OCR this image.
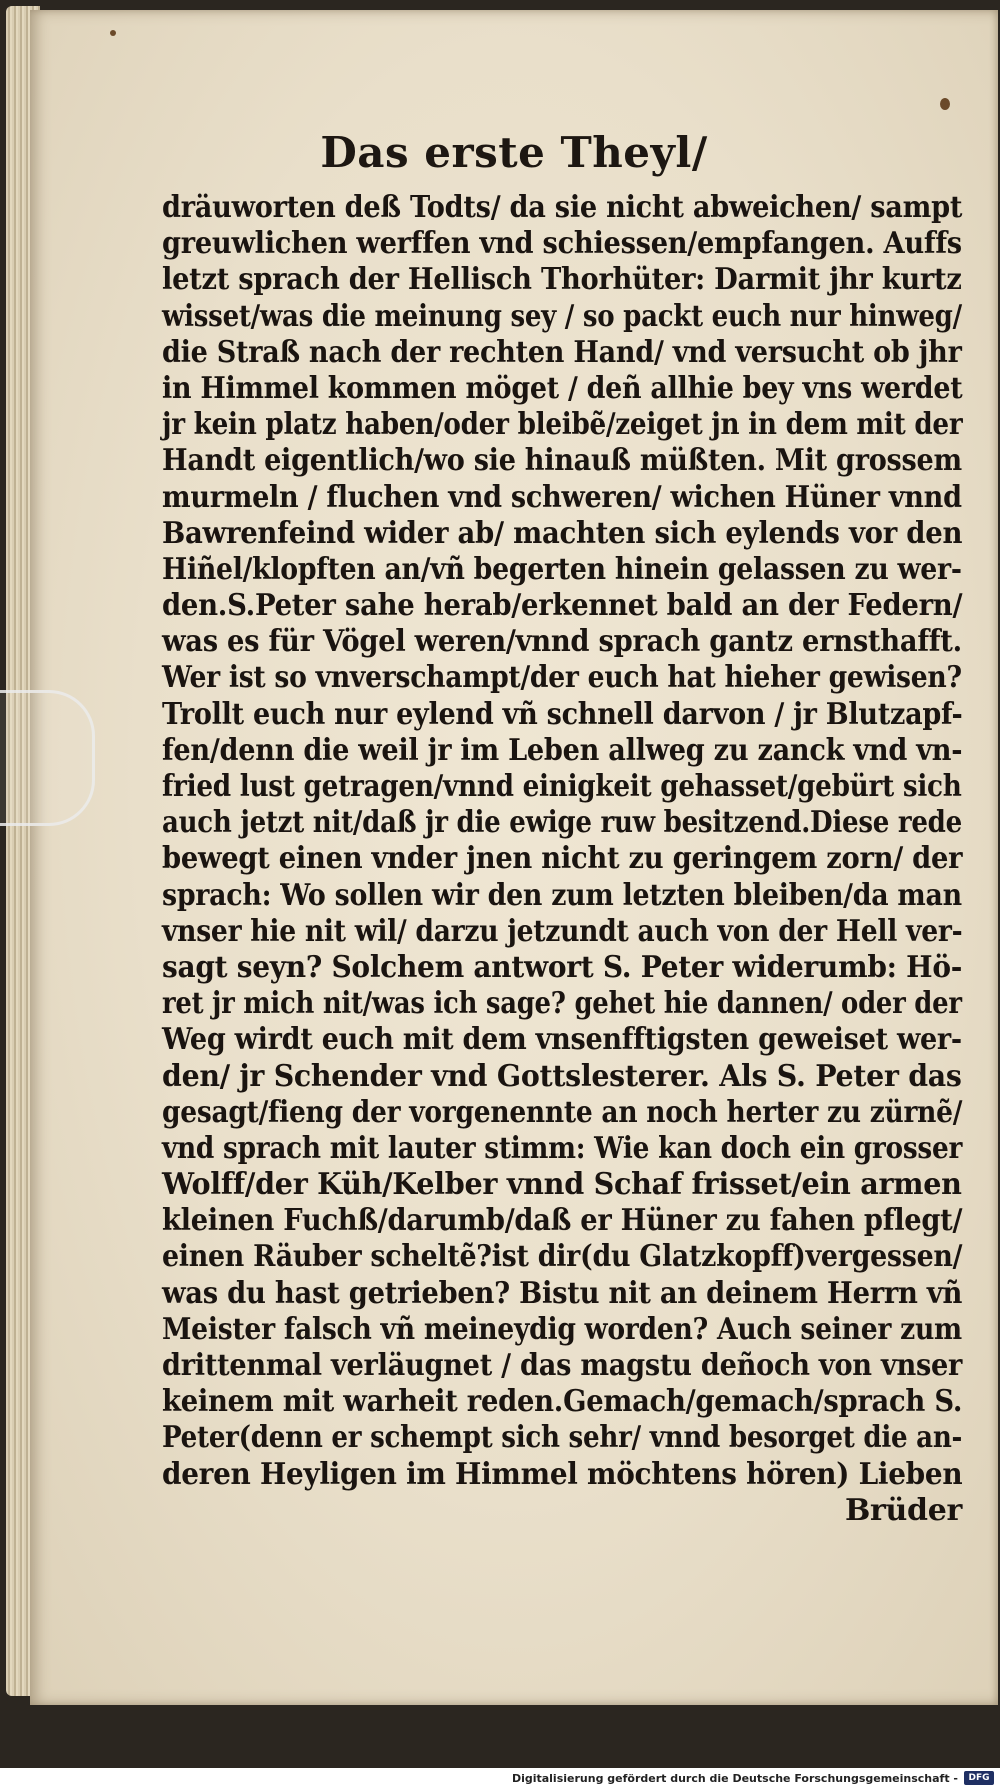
Das erste Theyl/
dräuworten deß Todts/ da sie nicht abweichen/ sampt
greuwlichen werffen vnd schiessen/empfangen. Auffs
letzt sprach der Hellisch Thorhüter: Darmit jhr kurtz
wisset/was die meinung sey / so packt euch nur hinweg/
die Straß nach der rechten Hand/ vnd versucht ob jhr
in Himmel kommen möget / deñ allhie bey vns werdet
jr kein platz haben/oder bleibẽ/zeiget jn in dem mit der
Handt eigentlich/wo sie hinauß müßten. Mit grossem
murmeln / fluchen vnd schweren/ wichen Hüner vnnd
Bawrenfeind wider ab/ machten sich eylends vor den
Hiñel/klopften an/vñ begerten hinein gelassen zu wer-
den.S.Peter sahe herab/erkennet bald an der Federn/
was es für Vögel weren/vnnd sprach gantz ernsthafft.
Wer ist so vnverschampt/der euch hat hieher gewisen?
Trollt euch nur eylend vñ schnell darvon / jr Blutzapf-
fen/denn die weil jr im Leben allweg zu zanck vnd vn-
fried lust getragen/vnnd einigkeit gehasset/gebürt sich
auch jetzt nit/daß jr die ewige ruw besitzend.Diese rede
bewegt einen vnder jnen nicht zu geringem zorn/ der
sprach: Wo sollen wir den zum letzten bleiben/da man
vnser hie nit wil/ darzu jetzundt auch von der Hell ver-
sagt seyn? Solchem antwort S. Peter widerumb: Hö-
ret jr mich nit/was ich sage? gehet hie dannen/ oder der
Weg wirdt euch mit dem vnsenfftigsten geweiset wer-
den/ jr Schender vnd Gottslesterer. Als S. Peter das
gesagt/fieng der vorgenennte an noch herter zu zürnẽ/
vnd sprach mit lauter stimm: Wie kan doch ein grosser
Wolff/der Küh/Kelber vnnd Schaf frisset/ein armen
kleinen Fuchß/darumb/daß er Hüner zu fahen pflegt/
einen Räuber scheltẽ?ist dir(du Glatzkopff)vergessen/
was du hast getrieben? Bistu nit an deinem Herrn vñ
Meister falsch vñ meineydig worden? Auch seiner zum
drittenmal verläugnet / das magstu deñoch von vnser
keinem mit warheit reden.Gemach/gemach/sprach S.
Peter(denn er schempt sich sehr/ vnnd besorget die an-
deren Heyligen im Himmel möchtens hören) Lieben
Brüder
Digitalisierung gefördert durch die Deutsche Forschungsgemeinschaft -	DFG
